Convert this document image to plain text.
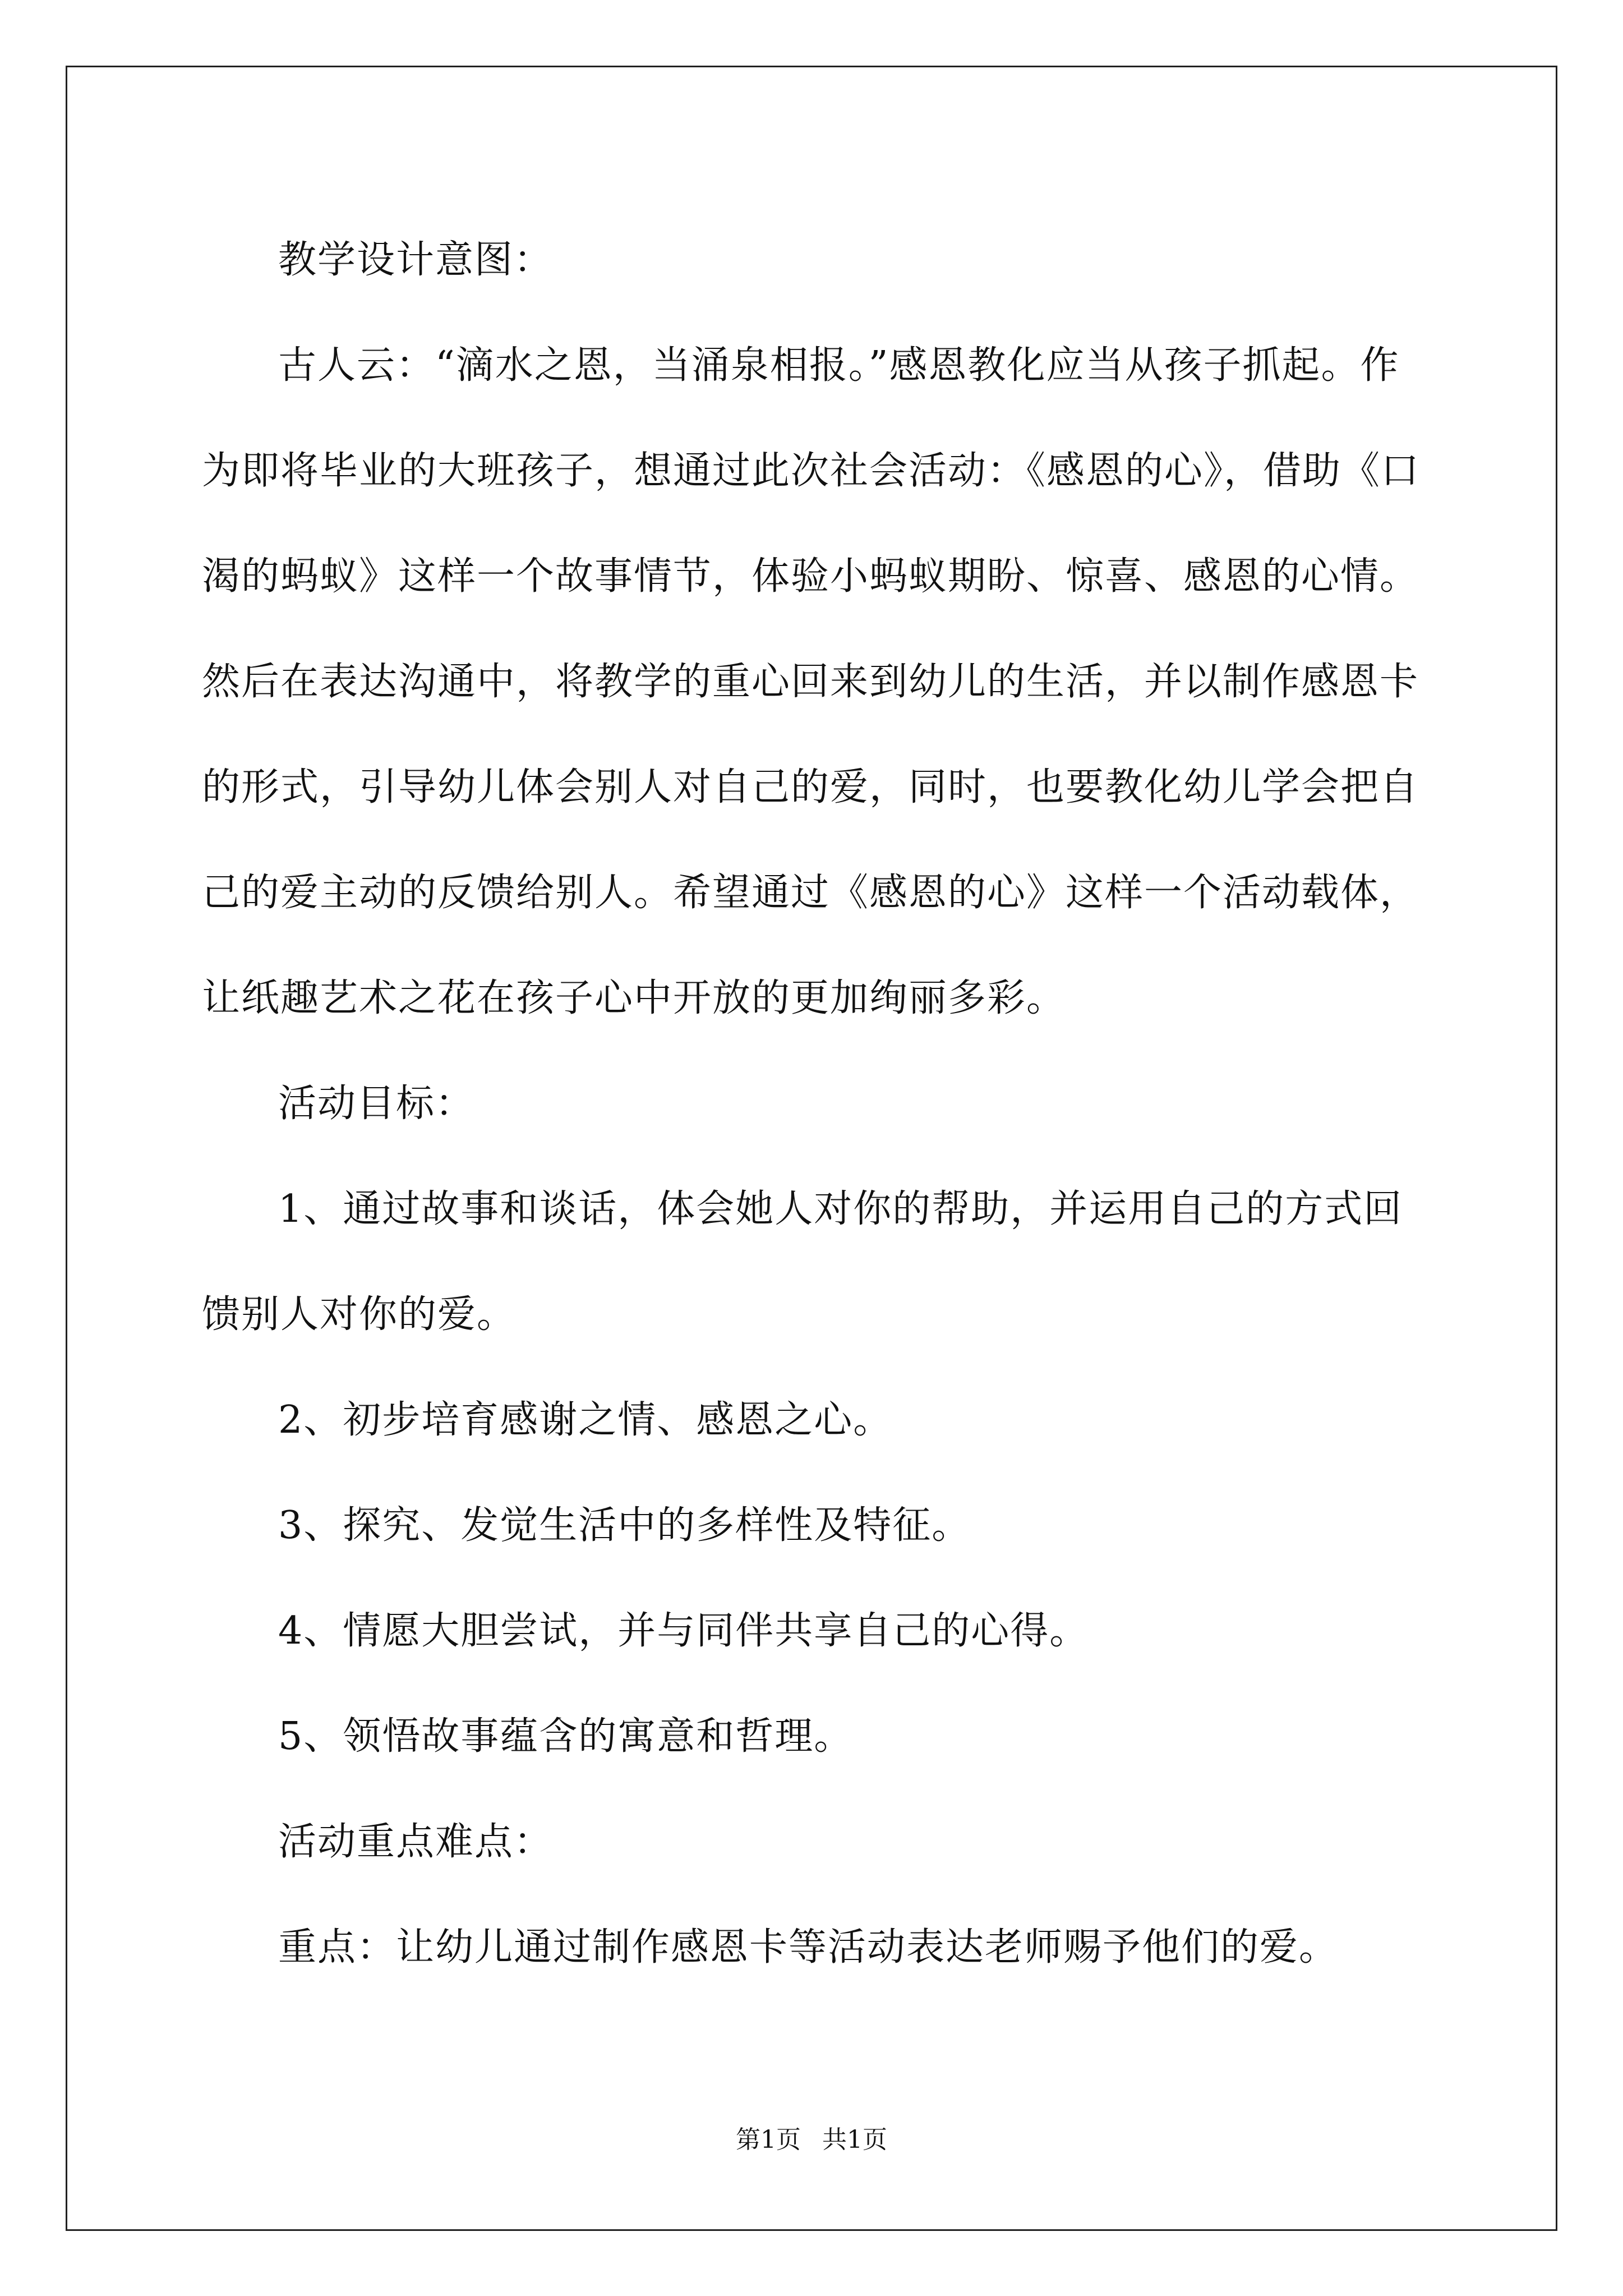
教学设计意图：

古人云：“滴水之恩，当涌泉相报。”感恩教化应当从孩子抓起。作为即将毕业的大班孩子，想通过此次社会活动：《感恩的心》，借助《口渴的蚂蚁》这样一个故事情节，体验小蚂蚁期盼、惊喜、感恩的心情。然后在表达沟通中，将教学的重心回来到幼儿的生活，并以制作感恩卡的形式，引导幼儿体会别人对自己的爱，同时，也要教化幼儿学会把自己的爱主动的反馈给别人。希望通过《感恩的心》这样一个活动载体，让纸趣艺术之花在孩子心中开放的更加绚丽多彩。

活动目标：

1、通过故事和谈话，体会她人对你的帮助，并运用自己的方式回馈别人对你的爱。

2、初步培育感谢之情、感恩之心。

3、探究、发觉生活中的多样性及特征。

4、情愿大胆尝试，并与同伴共享自己的心得。

5、领悟故事蕴含的寓意和哲理。

活动重点难点：

重点：让幼儿通过制作感恩卡等活动表达老师赐予他们的爱。

第1页 共1页
